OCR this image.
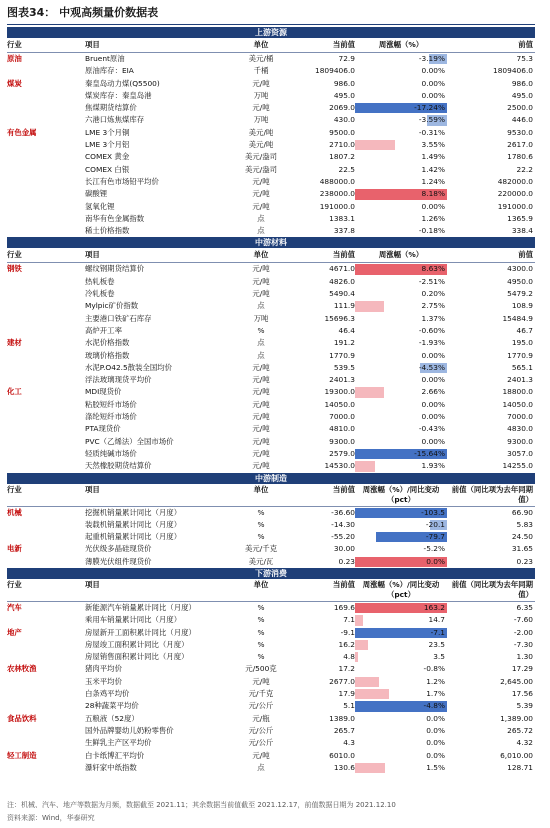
图表34： 中观高频量价数据表
上游资源
行业	项目	单位	当前值	周涨幅（%）	前值
原油	Bruent原油	美元/桶	72.9	-3.19%	75.3
原油库存：EIA	千桶	1809406.0	0.00%	1809406.0
煤炭	秦皇岛动力煤(Q5500)	元/吨	986.0	0.00%	986.0
煤炭库存：秦皇岛港	万吨	495.0	0.00%	495.0
焦煤期货结算价	元/吨	2069.0	-17.24%	2500.0
六港口炼焦煤库存	万吨	430.0	-3.59%	446.0
有色金属	LME 3个月铜	美元/吨	9500.0	-0.31%	9530.0
LME 3个月铝	美元/吨	2710.0	3.55%	2617.0
COMEX 黄金	美元/盎司	1807.2	1.49%	1780.6
COMEX 白银	美元/盎司	22.5	1.42%	22.2
长江有色市场铅平均价	元/吨	488000.0	1.24%	482000.0
碳酸锂	元/吨	238000.0	8.18%	220000.0
氢氧化锂	元/吨	191000.0	0.00%	191000.0
南华有色金属指数	点	1383.1	1.26%	1365.9
稀土价格指数	点	337.8	-0.18%	338.4
中游材料
行业	项目	单位	当前值	周涨幅（%）	前值
钢铁	螺纹钢期货结算价	元/吨	4671.0	8.63%	4300.0
热轧板卷	元/吨	4826.0	-2.51%	4950.0
冷轧板卷	元/吨	5490.4	0.20%	5479.2
Mylpic矿价指数	点	111.9	2.75%	108.9
主要港口铁矿石库存	万吨	15696.3	1.37%	15484.9
高炉开工率	%	46.4	-0.60%	46.7
建材	水泥价格指数	点	191.2	-1.93%	195.0
玻璃价格指数	点	1770.9	0.00%	1770.9
水泥P.O42.5散装全国均价	元/吨	539.5	-4.53%	565.1
浮法玻璃现货平均价	元/吨	2401.3	0.00%	2401.3
化工	MDI现货价	元/吨	19300.0	2.66%	18800.0
粘胶短纤市场价	元/吨	14050.0	0.00%	14050.0
涤纶短纤市场价	元/吨	7000.0	0.00%	7000.0
PTA现货价	元/吨	4810.0	-0.43%	4830.0
PVC（乙烯法）全国市场价	元/吨	9300.0	0.00%	9300.0
轻质纯碱市场价	元/吨	2579.0	-15.64%	3057.0
天然橡胶期货结算价	元/吨	14530.0	1.93%	14255.0
中游制造
行业	项目	单位	当前值	周涨幅（%）/同比变动（pct）
前值（同比项为去年同期值）
机械	挖掘机销量累计同比（月度）	%	-36.60	-103.5	66.90
装载机销量累计同比（月度）	%	-14.30	-20.1	5.83
起重机销量累计同比（月度）	%	-55.20	-79.7	24.50
电新	光伏级多晶硅现货价	美元/千克	30.00	-5.2%	31.65
薄膜光伏组件现货价	美元/瓦	0.23	0.0%	0.23
下游消费
行业	项目	单位	当前值	周涨幅（%）/同比变动（pct）
前值（同比项为去年同期值）
汽车	新能源汽车销量累计同比（月度）	%	169.6	163.2	6.35
乘用车销量累计同比（月度）	%	7.1	14.7	-7.60
地产	房屋新开工面积累计同比（月度）	%	-9.1	-7.1	-2.00
房屋竣工面积累计同比（月度）	%	16.2	23.5	-7.30
房屋销售面积累计同比（月度）	%	4.8	3.5	1.30
农林牧渔	猪肉平均价	元/500克	17.2	-0.8%	17.29
玉米平均价	元/吨	2677.0	1.2%	2,645.00
白条鸡平均价	元/千克	17.9	1.7%	17.56
28种蔬菜平均价	元/公斤	5.1	-4.8%	5.39
食品饮料	五粮液（52度）	元/瓶	1389.0	0.0%	1,389.00
国外品牌婴幼儿奶粉零售价	元/公斤	265.7	0.0%	265.72
生鲜乳主产区平均价	元/公斤	4.3	0.0%	4.32
轻工制造	白卡纸博汇平均价	元/吨	6010.0	0.0%	6,010.00
瀑轩家中纸指数	点	130.6	1.5%	128.71
注：机械、汽车、地产等数据为月频，数据截至 2021.11；其余数据当前值截至 2021.12.17，前值数据日期为 2021.12.10
资料来源：Wind，华泰研究
